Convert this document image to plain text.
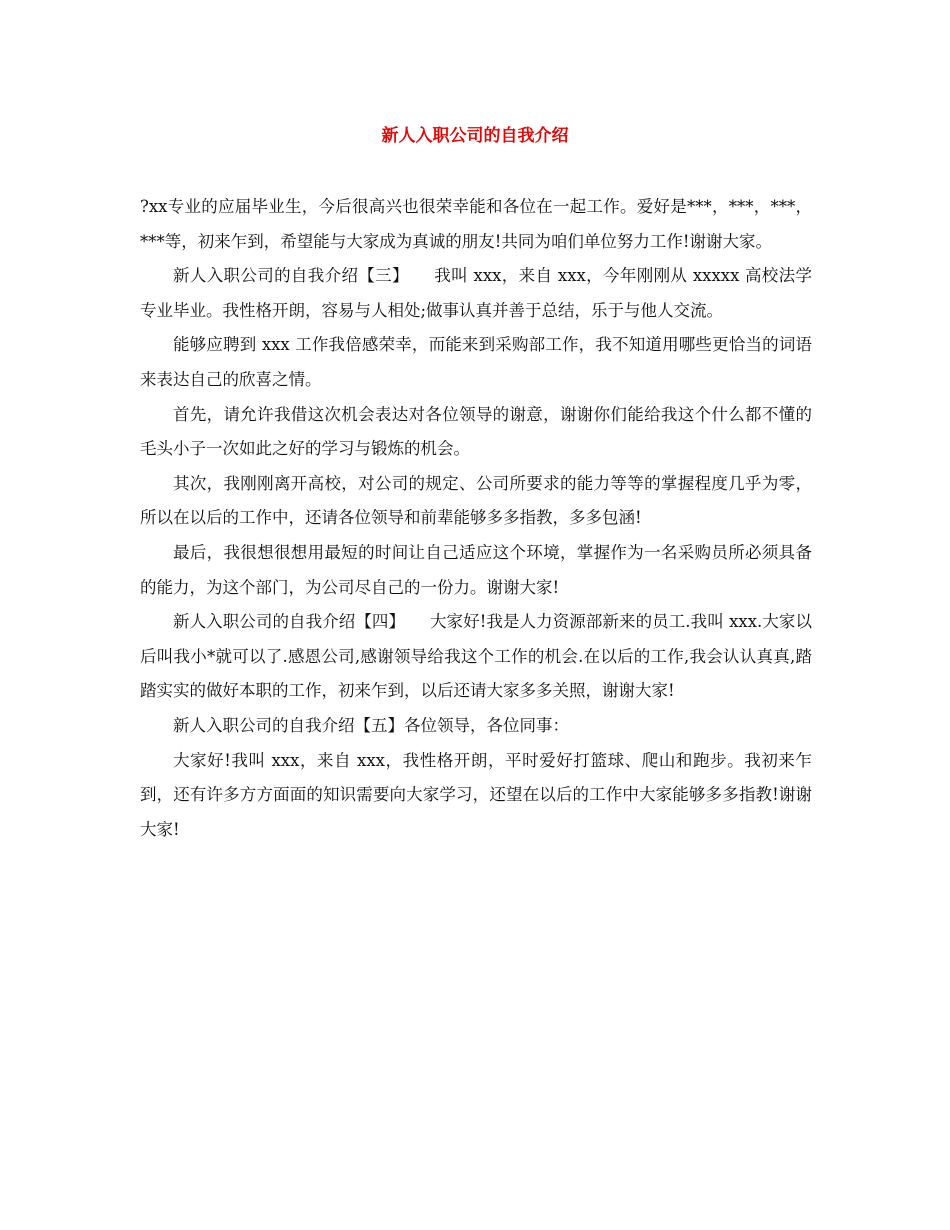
新人入职公司的自我介绍

?xx专业的应届毕业生，今后很高兴也很荣幸能和各位在一起工作。爱好是***，***，***，***等，初来乍到，希望能与大家成为真诚的朋友!共同为咱们单位努力工作!谢谢大家。

新人入职公司的自我介绍【三】　　我叫 xxx，来自 xxx，今年刚刚从 xxxxx 高校法学专业毕业。我性格开朗，容易与人相处;做事认真并善于总结，乐于与他人交流。

能够应聘到 xxx 工作我倍感荣幸，而能来到采购部工作，我不知道用哪些更恰当的词语来表达自己的欣喜之情。

首先，请允许我借这次机会表达对各位领导的谢意，谢谢你们能给我这个什么都不懂的毛头小子一次如此之好的学习与锻炼的机会。

其次，我刚刚离开高校，对公司的规定、公司所要求的能力等等的掌握程度几乎为零，所以在以后的工作中，还请各位领导和前辈能够多多指教，多多包涵!

最后，我很想很想用最短的时间让自己适应这个环境，掌握作为一名采购员所必须具备的能力，为这个部门，为公司尽自己的一份力。谢谢大家!

新人入职公司的自我介绍【四】　　大家好!我是人力资源部新来的员工.我叫 xxx.大家以后叫我小*就可以了.感恩公司,感谢领导给我这个工作的机会.在以后的工作,我会认认真真,踏踏实实的做好本职的工作，初来乍到，以后还请大家多多关照，谢谢大家!

新人入职公司的自我介绍【五】各位领导，各位同事：

大家好!我叫 xxx，来自 xxx，我性格开朗，平时爱好打篮球、爬山和跑步。我初来乍到，还有许多方方面面的知识需要向大家学习，还望在以后的工作中大家能够多多指教!谢谢大家!
